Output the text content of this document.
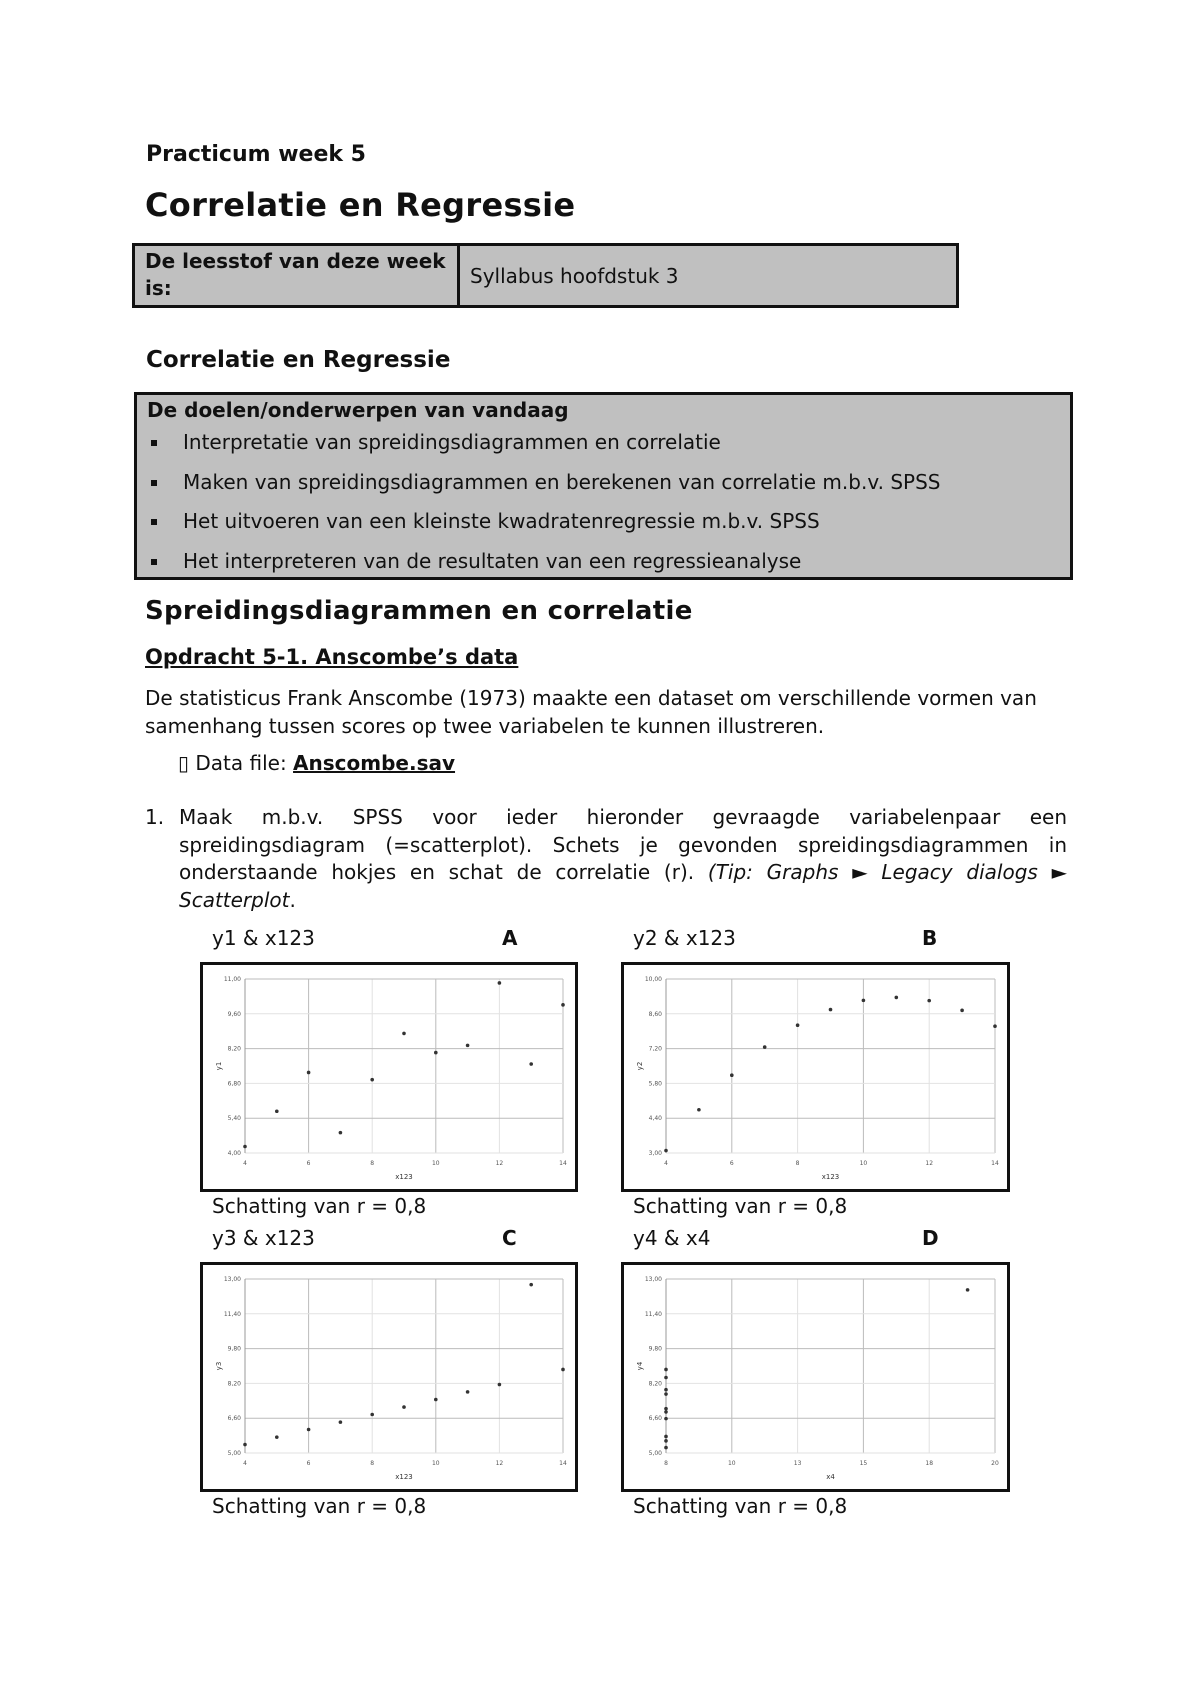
Practicum week 5
Correlatie en Regressie
De leesstof van deze week is:
Syllabus hoofdstuk 3
Correlatie en Regressie
De doelen/onderwerpen van vandaag
Interpretatie van spreidingsdiagrammen en correlatie
Maken van spreidingsdiagrammen en berekenen van correlatie m.b.v. SPSS
Het uitvoeren van een kleinste kwadratenregressie m.b.v. SPSS
Het interpreteren van de resultaten van een regressieanalyse
Spreidingsdiagrammen en correlatie
Opdracht 5-1. Anscombe’s data
De statisticus Frank Anscombe (1973) maakte een dataset om verschillende vormen van samenhang tussen scores op twee variabelen te kunnen illustreren.
▯ Data file: Anscombe.sav
1. Maak m.b.v. SPSS voor ieder hieronder gevraagde variabelenpaar een spreidingsdiagram (=scatterplot). Schets je gevonden spreidingsdiagrammen in onderstaande hokjes en schat de correlatie (r). (Tip: Graphs ► Legacy dialogs ► Scatterplot.
y1 & x123	A
4	6	8	10	12	14
4,00
5,40
6,80
8,20
9,60
11,00
x123
y1
Schatting van r = 0,8
y2 & x123	B
4	6	8	10	12	14
3,00
4,40
5,80
7,20
8,60
10,00
x123
y2
Schatting van r = 0,8
y3 & x123	C
4	6	8	10	12	14
5,00
6,60
8,20
9,80
11,40
13,00
x123
y3
Schatting van r = 0,8
y4 & x4	D
8	10	13	15	18	20
5,00
6,60
8,20
9,80
11,40
13,00
x4
y4
Schatting van r = 0,8
